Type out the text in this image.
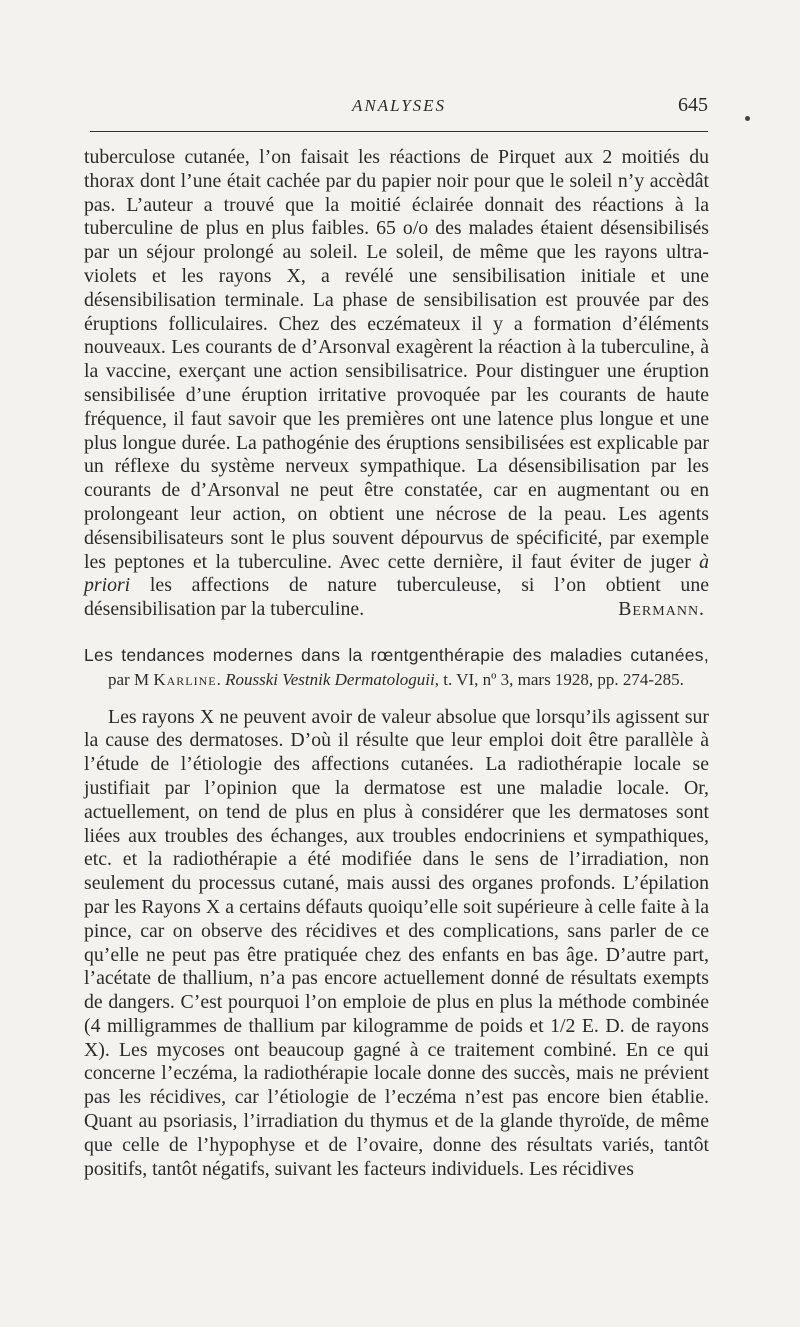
ANALYSES	645

tuberculose cutanée, l’on faisait les réactions de Pirquet aux 2 moitiés du thorax dont l’une était cachée par du papier noir pour que le soleil n’y accèdât pas. L’auteur a trouvé que la moitié éclairée donnait des réactions à la tuberculine de plus en plus faibles. 65 o/o des malades étaient désensibilisés par un séjour prolongé au soleil. Le soleil, de même que les rayons ultra-violets et les rayons X, a revélé une sensibilisation initiale et une désensibilisation terminale. La phase de sensibilisation est prouvée par des éruptions folliculaires. Chez des eczémateux il y a formation d’éléments nouveaux. Les courants de d’Arsonval exagèrent la réaction à la tuberculine, à la vaccine, exerçant une action sensibilisatrice. Pour distinguer une éruption sensibilisée d’une éruption irritative provoquée par les courants de haute fréquence, il faut savoir que les premières ont une latence plus longue et une plus longue durée. La pathogénie des éruptions sensibilisées est explicable par un réflexe du système nerveux sympathique. La désensibilisation par les courants de d’Arsonval ne peut être constatée, car en augmentant ou en prolongeant leur action, on obtient une nécrose de la peau. Les agents désensibilisateurs sont le plus souvent dépourvus de spécificité, par exemple les peptones et la tuberculine. Avec cette dernière, il faut éviter de juger à priori les affections de nature tuberculeuse, si l’on obtient une désensibilisation par la tuberculine.	Bermann.

Les tendances modernes dans la rœntgenthérapie des maladies cutanées, par M Karline. Rousski Vestnik Dermatologuii, t. VI, nº 3, mars 1928, pp. 274-285.

Les rayons X ne peuvent avoir de valeur absolue que lorsqu’ils agissent sur la cause des dermatoses. D’où il résulte que leur emploi doit être parallèle à l’étude de l’étiologie des affections cutanées. La radiothérapie locale se justifiait par l’opinion que la dermatose est une maladie locale. Or, actuellement, on tend de plus en plus à considérer que les dermatoses sont liées aux troubles des échanges, aux troubles endocriniens et sympathiques, etc. et la radiothérapie a été modifiée dans le sens de l’irradiation, non seulement du processus cutané, mais aussi des organes profonds. L’épilation par les Rayons X a certains défauts quoiqu’elle soit supérieure à celle faite à la pince, car on observe des récidives et des complications, sans parler de ce qu’elle ne peut pas être pratiquée chez des enfants en bas âge. D’autre part, l’acétate de thallium, n’a pas encore actuellement donné de résultats exempts de dangers. C’est pourquoi l’on emploie de plus en plus la méthode combinée (4 milligrammes de thallium par kilogramme de poids et 1/2 E. D. de rayons X). Les mycoses ont beaucoup gagné à ce traitement combiné. En ce qui concerne l’eczéma, la radiothérapie locale donne des succès, mais ne prévient pas les récidives, car l’étiologie de l’eczéma n’est pas encore bien établie. Quant au psoriasis, l’irradiation du thymus et de la glande thyroïde, de même que celle de l’hypophyse et de l’ovaire, donne des résultats variés, tantôt positifs, tantôt négatifs, suivant les facteurs individuels. Les récidives
